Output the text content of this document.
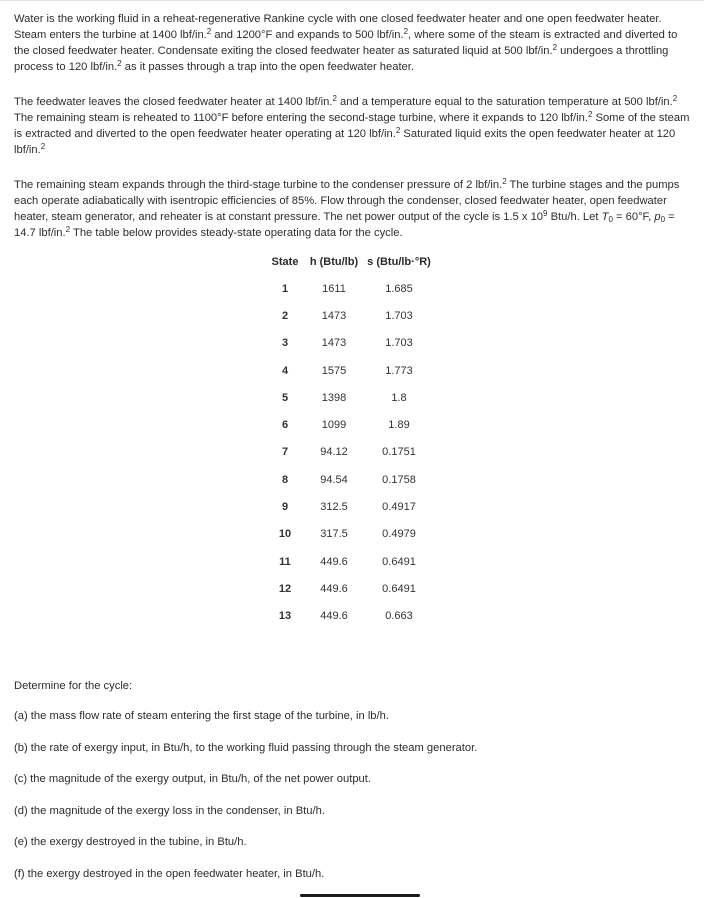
Water is the working fluid in a reheat-regenerative Rankine cycle with one closed feedwater heater and one open feedwater heater. Steam enters the turbine at 1400 lbf/in.$^2$ and 1200°F and expands to 500 lbf/in.$^2$, where some of the steam is extracted and diverted to the closed feedwater heater. Condensate exiting the closed feedwater heater as saturated liquid at 500 lbf/in.$^2$ undergoes a throttling process to 120 lbf/in.$^2$ as it passes through a trap into the open feedwater heater.

The feedwater leaves the closed feedwater heater at 1400 lbf/in.$^2$ and a temperature equal to the saturation temperature at 500 lbf/in.$^2$ The remaining steam is reheated to 1100°F before entering the second-stage turbine, where it expands to 120 lbf/in.$^2$ Some of the steam is extracted and diverted to the open feedwater heater operating at 120 lbf/in.$^2$ Saturated liquid exits the open feedwater heater at 120 lbf/in.$^2$

The remaining steam expands through the third-stage turbine to the condenser pressure of 2 lbf/in.$^2$ The turbine stages and the pumps each operate adiabatically with isentropic efficiencies of 85%. Flow through the condenser, closed feedwater heater, open feedwater heater, steam generator, and reheater is at constant pressure. The net power output of the cycle is 1.5 x $10^9$ Btu/h. Let $T_0 = 60^\circ F$, $p_0 = 14.7$ lbf/in.$^2$ The table below provides steady-state operating data for the cycle.

State	h (Btu/lb)	s (Btu/lb·°R)
1	1611	1.685
2	1473	1.703
3	1473	1.703
4	1575	1.773
5	1398	1.8
6	1099	1.89
7	94.12	0.1751
8	94.54	0.1758
9	312.5	0.4917
10	317.5	0.4979
11	449.6	0.6491
12	449.6	0.6491
13	449.6	0.663

Determine for the cycle:

(a) the mass flow rate of steam entering the first stage of the turbine, in lb/h.

(b) the rate of exergy input, in Btu/h, to the working fluid passing through the steam generator.

(c) the magnitude of the exergy output, in Btu/h, of the net power output.

(d) the magnitude of the exergy loss in the condenser, in Btu/h.

(e) the exergy destroyed in the tubine, in Btu/h.

(f) the exergy destroyed in the open feedwater heater, in Btu/h.
